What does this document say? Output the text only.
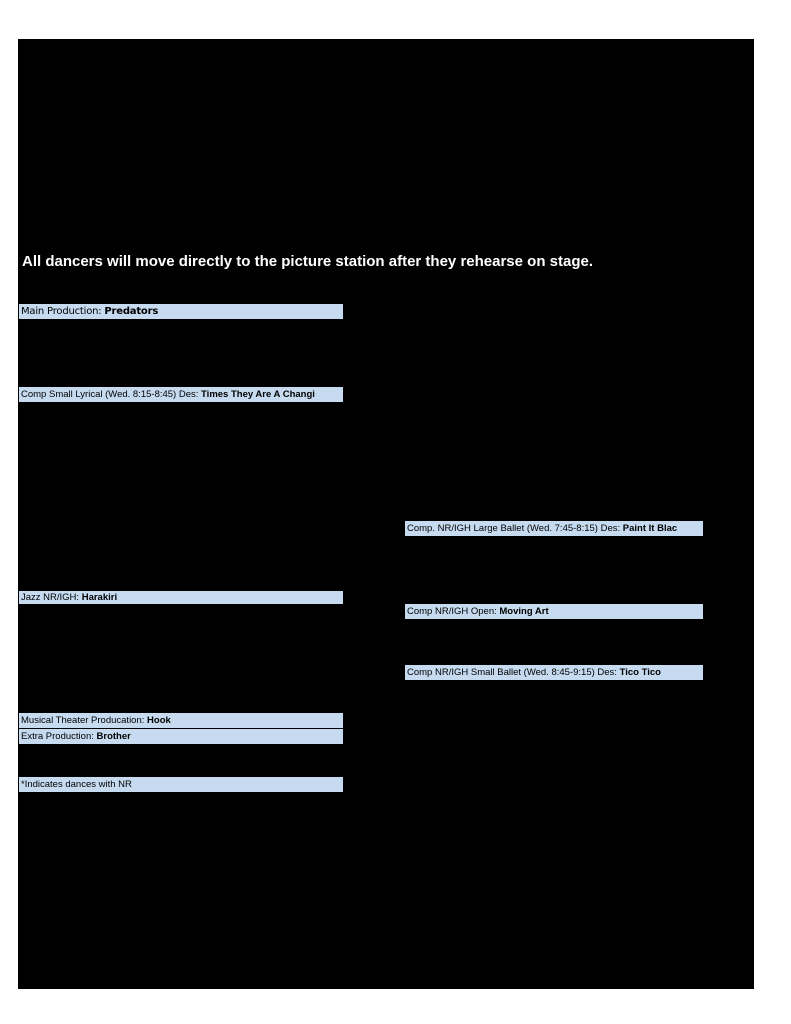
All dancers will move directly to the picture station after they rehearse on stage.
Main Production: Predators
Comp Small Lyrical (Wed. 8:15-8:45) Des: Times They Are A Changi
Jazz NR/IGH: Harakiri
Musical Theater Producation: Hook
Extra Production: Brother
*Indicates dances with NR
Comp. NR/IGH Large Ballet (Wed. 7:45-8:15) Des: Paint It Blac
Comp NR/IGH Open: Moving Art
Comp NR/IGH Small Ballet (Wed. 8:45-9:15) Des: Tico Tico
